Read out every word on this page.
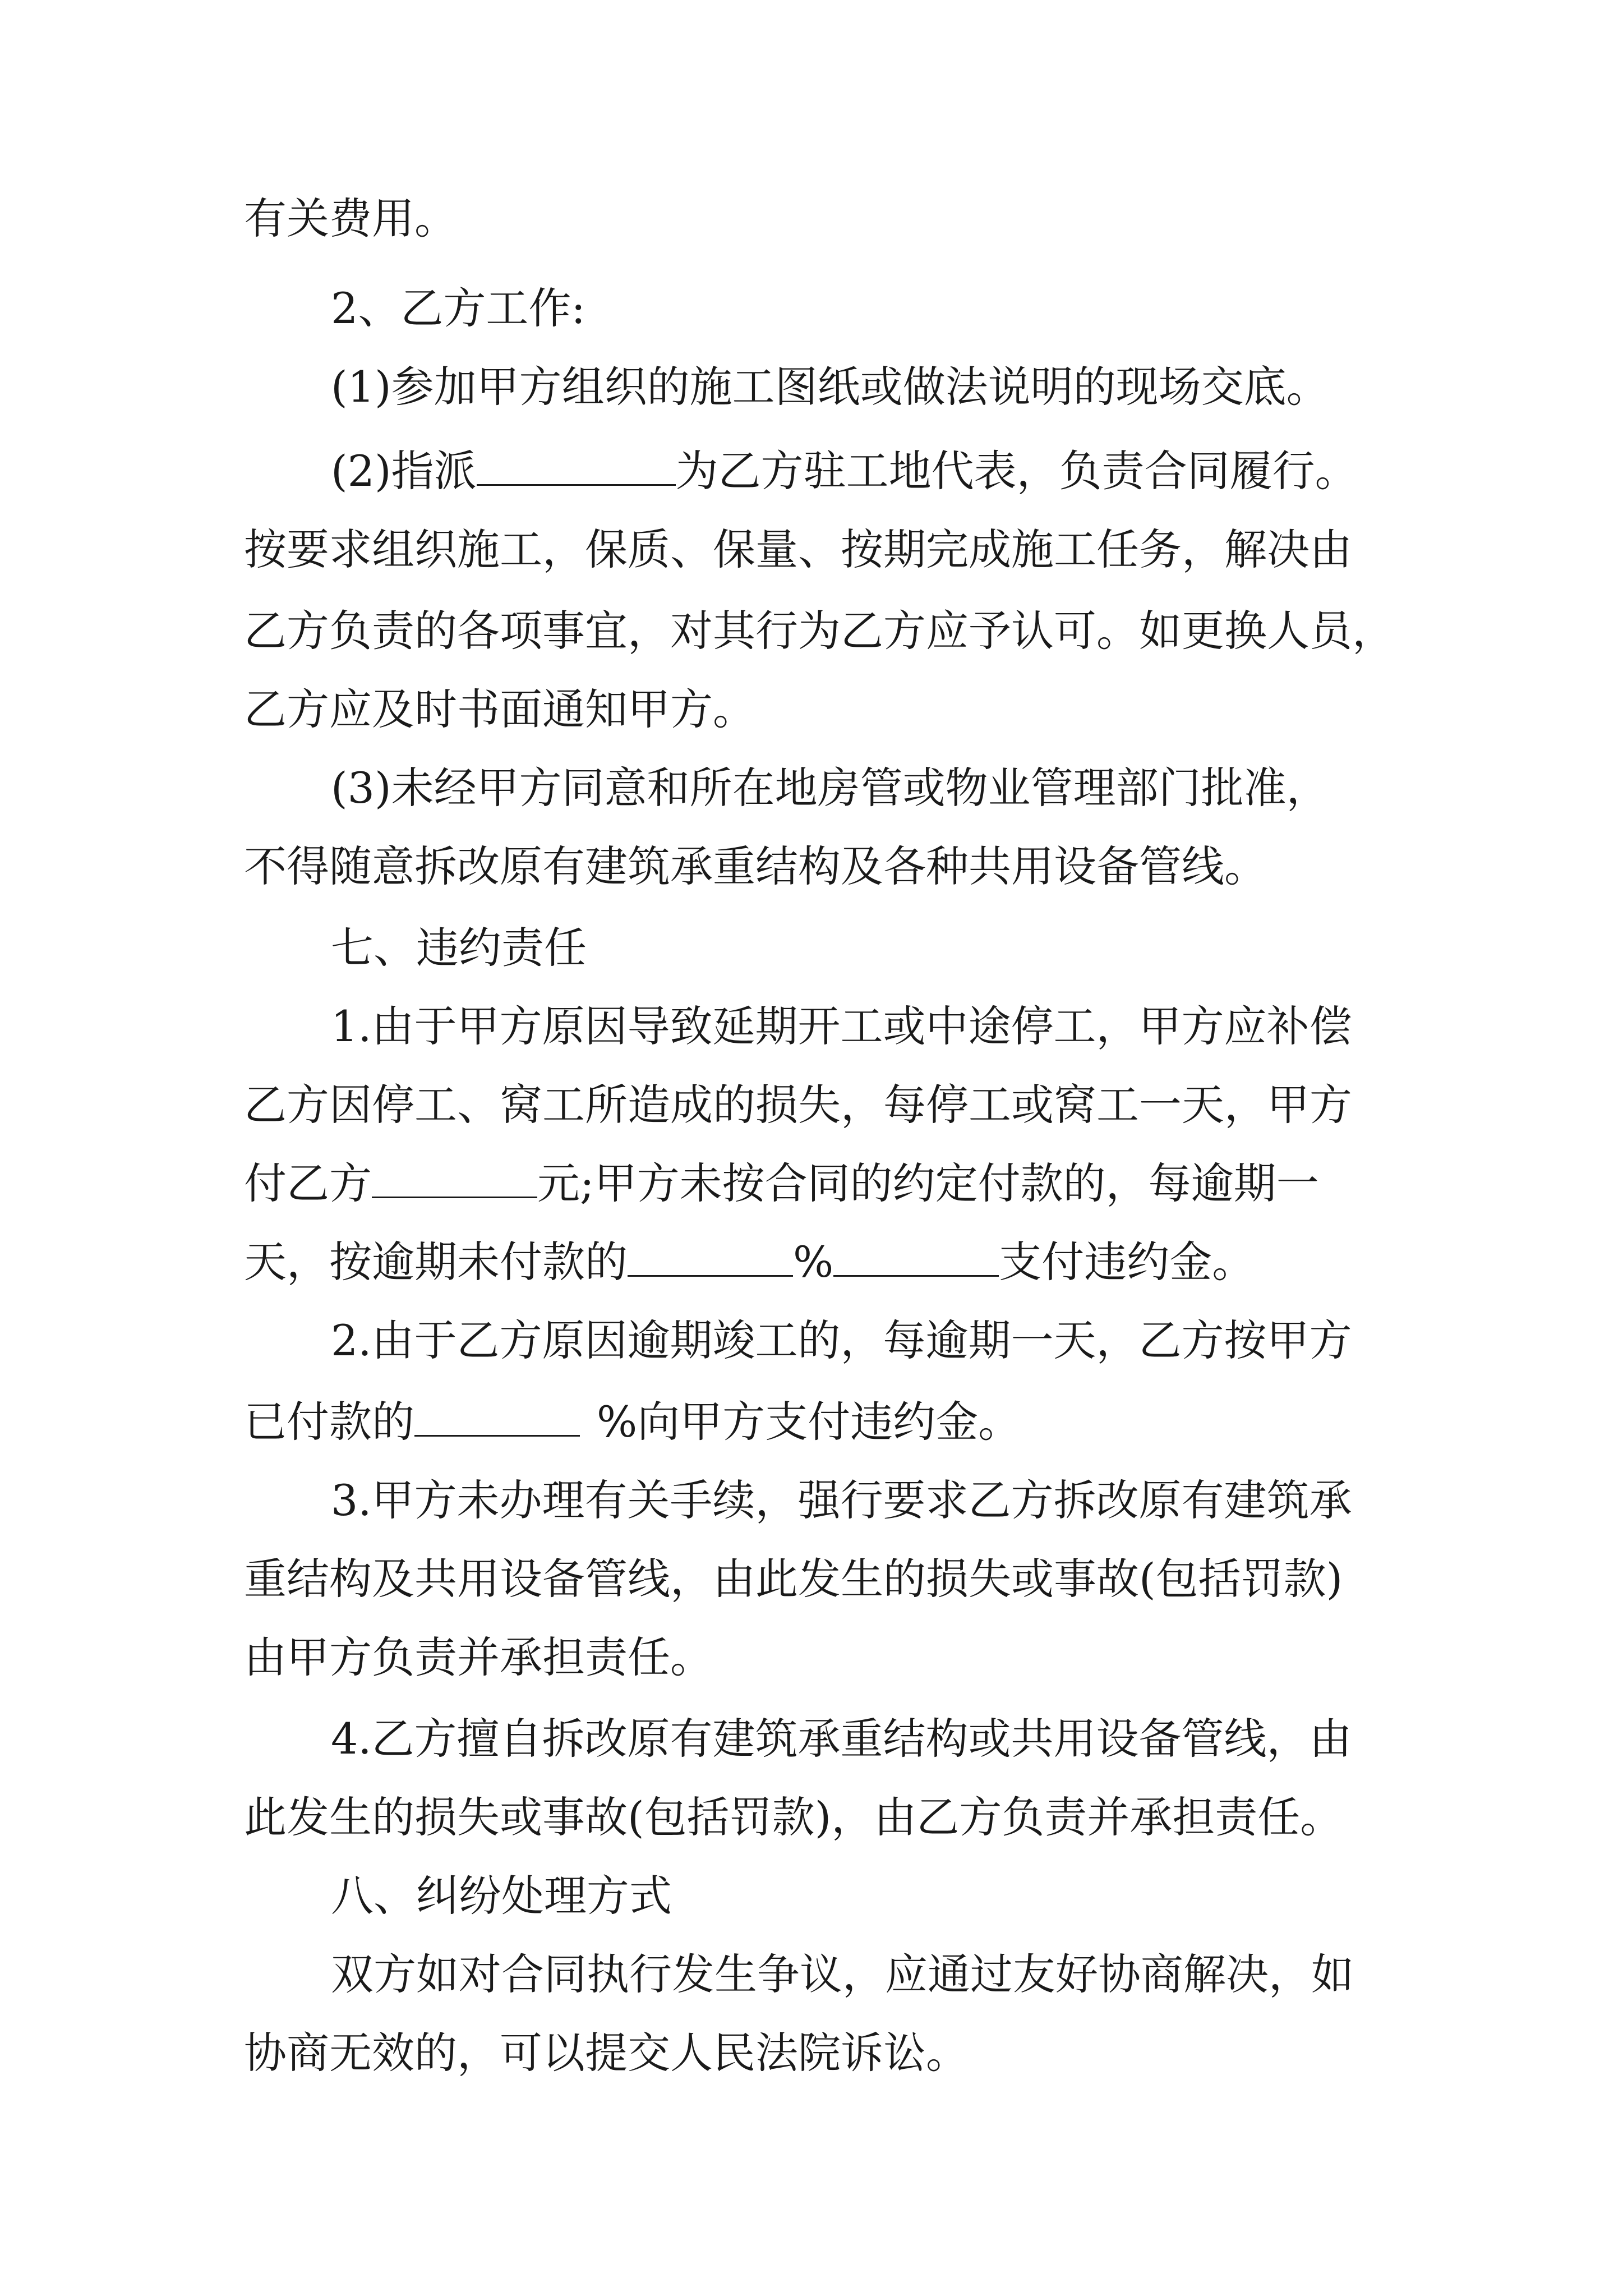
有关费用。
2、乙方工作:
(1)参加甲方组织的施工图纸或做法说明的现场交底。
(2)指派	为乙方驻工地代表，负责合同履行。
按要求组织施工，保质、保量、按期完成施工任务，解决由
乙方负责的各项事宜，对其行为乙方应予认可。如更换人员，
乙方应及时书面通知甲方。
(3)未经甲方同意和所在地房管或物业管理部门批准，
不得随意拆改原有建筑承重结构及各种共用设备管线。
七、违约责任
1.由于甲方原因导致延期开工或中途停工，甲方应补偿
乙方因停工、窝工所造成的损失，每停工或窝工一天，甲方
付乙方	元;甲方未按合同的约定付款的，每逾期一
天，按逾期未付款的	%	支付违约金。
2.由于乙方原因逾期竣工的，每逾期一天，乙方按甲方
已付款的	%向甲方支付违约金。
3.甲方未办理有关手续，强行要求乙方拆改原有建筑承
重结构及共用设备管线，由此发生的损失或事故(包括罚款)
由甲方负责并承担责任。
4.乙方擅自拆改原有建筑承重结构或共用设备管线，由
此发生的损失或事故(包括罚款)，由乙方负责并承担责任。
八、纠纷处理方式
双方如对合同执行发生争议，应通过友好协商解决，如
协商无效的，可以提交人民法院诉讼。
